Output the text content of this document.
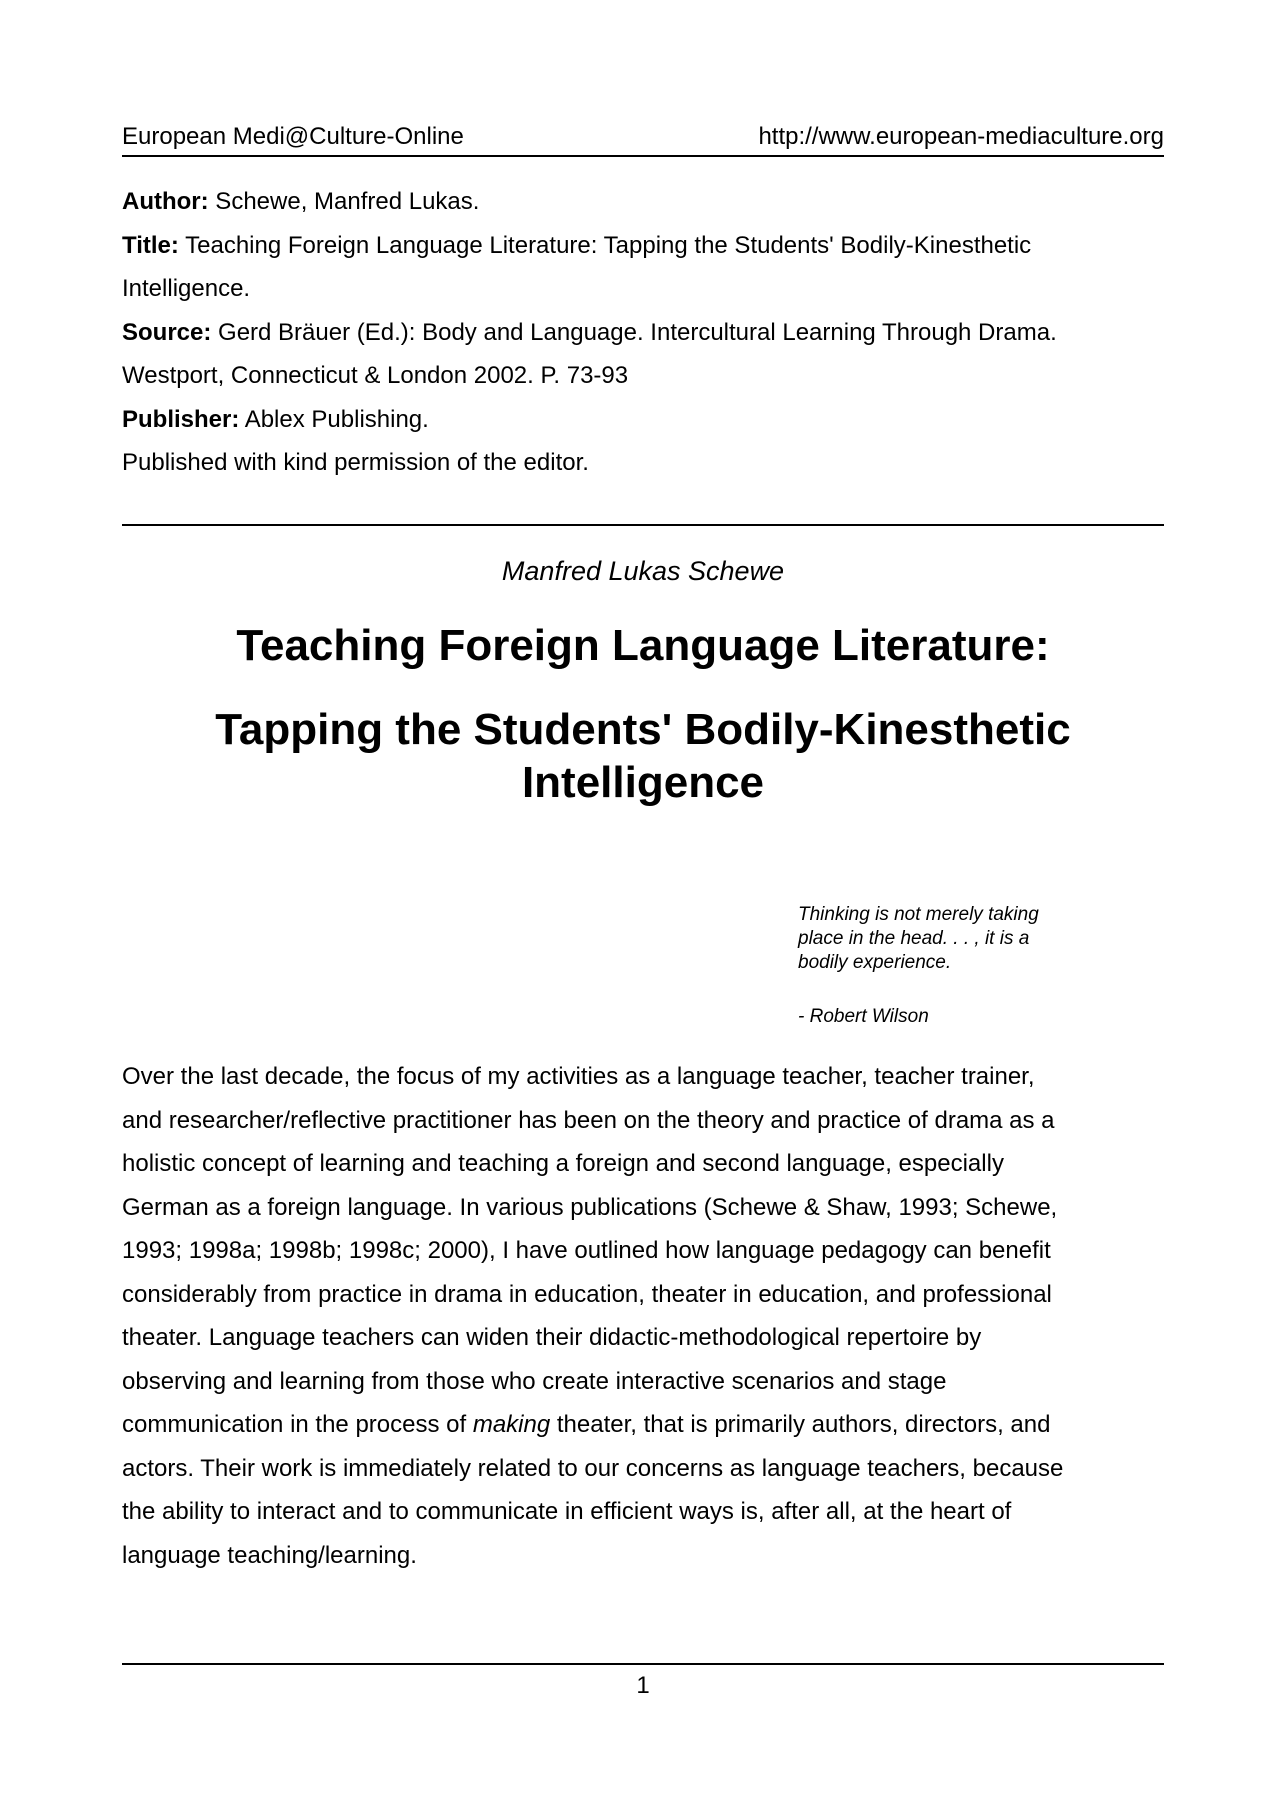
European Medi@Culture-Online	http://www.european-mediaculture.org
Author: Schewe, Manfred Lukas.
Title: Teaching Foreign Language Literature: Tapping the Students' Bodily-Kinesthetic
Intelligence.
Source: Gerd Bräuer (Ed.): Body and Language. Intercultural Learning Through Drama.
Westport, Connecticut & London 2002. P. 73-93
Publisher: Ablex Publishing.
Published with kind permission of the editor.
Manfred Lukas Schewe
Teaching Foreign Language Literature:
Tapping the Students' Bodily-Kinesthetic
Intelligence
Thinking is not merely taking
place in the head. . . , it is a
bodily experience.
- Robert Wilson
Over the last decade, the focus of my activities as a language teacher, teacher trainer,
and researcher/reflective practitioner has been on the theory and practice of drama as a
holistic concept of learning and teaching a foreign and second language, especially
German as a foreign language. In various publications (Schewe & Shaw, 1993; Schewe,
1993; 1998a; 1998b; 1998c; 2000), I have outlined how language pedagogy can benefit
considerably from practice in drama in education, theater in education, and professional
theater. Language teachers can widen their didactic-methodological repertoire by
observing and learning from those who create interactive scenarios and stage
communication in the process of making theater, that is primarily authors, directors, and
actors. Their work is immediately related to our concerns as language teachers, because
the ability to interact and to communicate in efficient ways is, after all, at the heart of
language teaching/learning.
1
